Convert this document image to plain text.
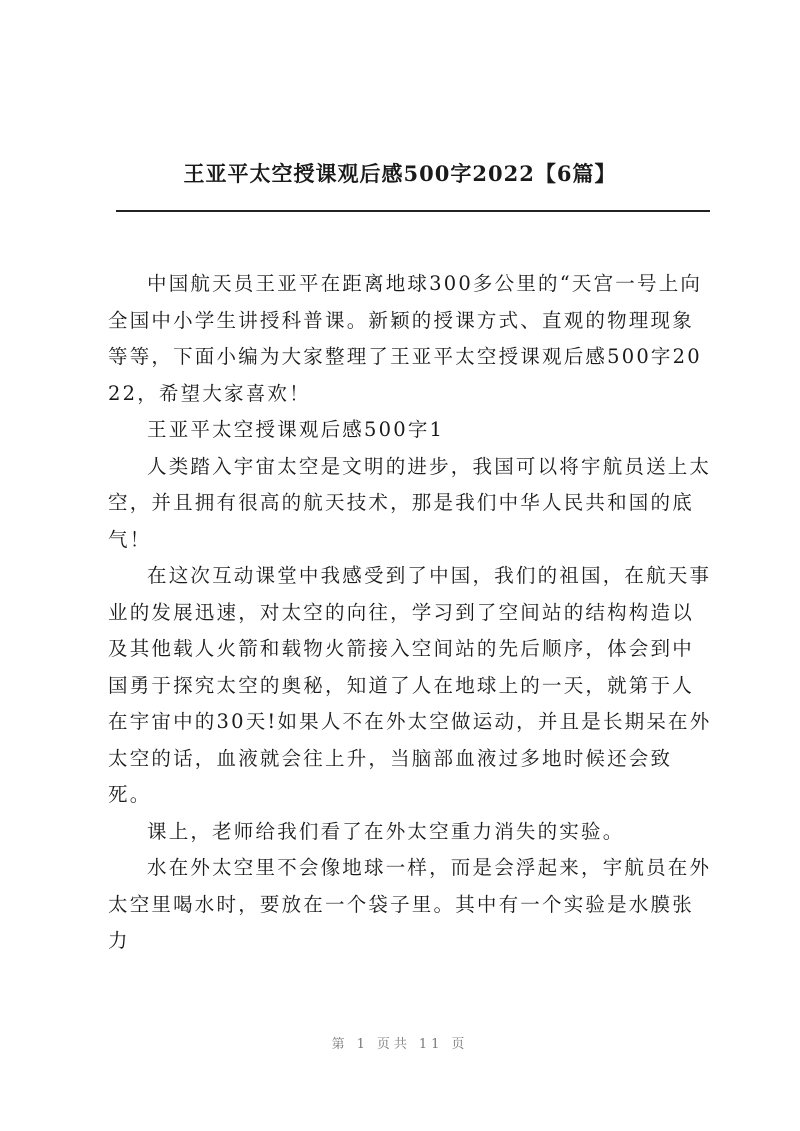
王亚平太空授课观后感500字2022【6篇】

中国航天员王亚平在距离地球300多公里的“天宫一号上向全国中小学生讲授科普课。新颖的授课方式、直观的物理现象等等，下面小编为大家整理了王亚平太空授课观后感500字2022，希望大家喜欢！

王亚平太空授课观后感500字1

人类踏入宇宙太空是文明的进步，我国可以将宇航员送上太空，并且拥有很高的航天技术，那是我们中华人民共和国的底气！

在这次互动课堂中我感受到了中国，我们的祖国，在航天事业的发展迅速，对太空的向往，学习到了空间站的结构构造以及其他载人火箭和载物火箭接入空间站的先后顺序，体会到中国勇于探究太空的奥秘，知道了人在地球上的一天，就第于人在宇宙中的30天!如果人不在外太空做运动，并且是长期呆在外太空的话，血液就会往上升，当脑部血液过多地时候还会致死。

课上，老师给我们看了在外太空重力消失的实验。

水在外太空里不会像地球一样，而是会浮起来，宇航员在外太空里喝水时，要放在一个袋子里。其中有一个实验是水膜张力

第 1 页共 11 页
